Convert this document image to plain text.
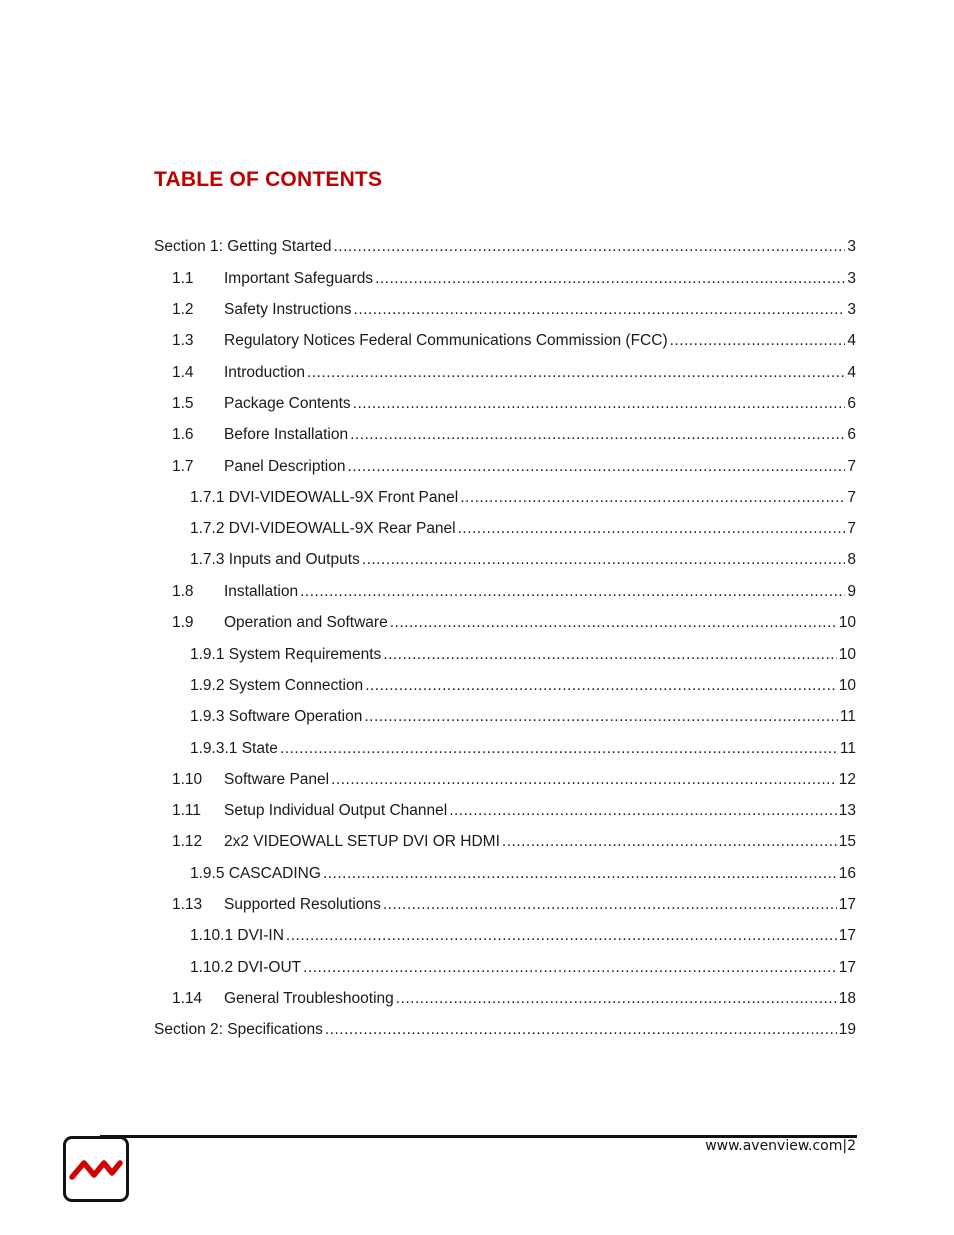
TABLE OF CONTENTS
Section 1: Getting Started .....	3
1.1	Important Safeguards .....	3
1.2	Safety Instructions .....	3
1.3	Regulatory Notices Federal Communications Commission (FCC) .....	4
1.4	Introduction .....	4
1.5	Package Contents .....	6
1.6	Before Installation .....	6
1.7	Panel Description .....	7
1.7.1 DVI-VIDEOWALL-9X Front Panel .....	7
1.7.2 DVI-VIDEOWALL-9X Rear Panel .....	7
1.7.3 Inputs and Outputs .....	8
1.8	Installation .....	9
1.9	Operation and Software .....	10
1.9.1 System Requirements .....	10
1.9.2 System Connection .....	10
1.9.3 Software Operation .....	11
1.9.3.1 State .....	11
1.10	Software Panel .....	12
1.11	Setup Individual Output Channel .....	13
1.12	2x2 VIDEOWALL SETUP DVI OR HDMI .....	15
1.9.5 CASCADING .....	16
1.13	Supported Resolutions .....	17
1.10.1 DVI-IN .....	17
1.10.2 DVI-OUT .....	17
1.14	General Troubleshooting .....	18
Section 2: Specifications .....	19
www.avenview.com|2
